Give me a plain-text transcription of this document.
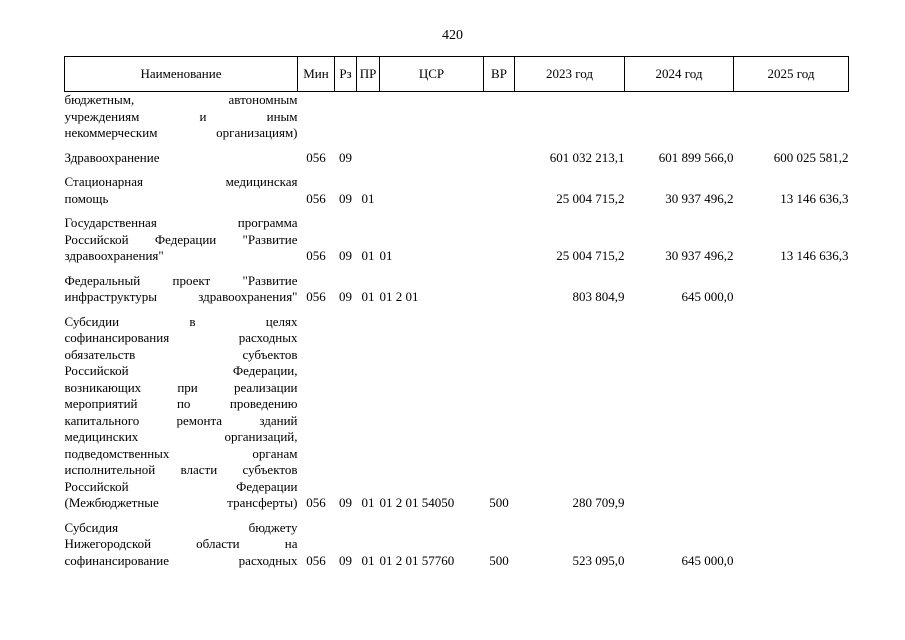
420
Наименование	Мин	Рз	ПР	ЦСР	ВР	2023 год	2024 год	2025 год
бюджетным, автономным								
учреждениям и иным								
некоммерческим организациям)								

Здравоохранение	056	09				601 032 213,1	601 899 566,0	600 025 581,2

Стационарная медицинская								
помощь	056	09	01			25 004 715,2	30 937 496,2	13 146 636,3

Государственная программа								
Российской Федерации "Развитие								
здравоохранения"	056	09	01	01		25 004 715,2	30 937 496,2	13 146 636,3

Федеральный проект "Развитие								
инфраструктуры здравоохранения"	056	09	01	01 2 01		803 804,9	645 000,0	

Субсидии в целях								
софинансирования расходных								
обязательств субъектов								
Российской Федерации,								
возникающих при реализации								
мероприятий по проведению								
капитального ремонта зданий								
медицинских организаций,								
подведомственных органам								
исполнительной власти субъектов								
Российской Федерации								
(Межбюджетные трансферты)	056	09	01	01 2 01 54050	500	280 709,9		

Субсидия бюджету								
Нижегородской области на								
софинансирование расходных	056	09	01	01 2 01 57760	500	523 095,0	645 000,0	
